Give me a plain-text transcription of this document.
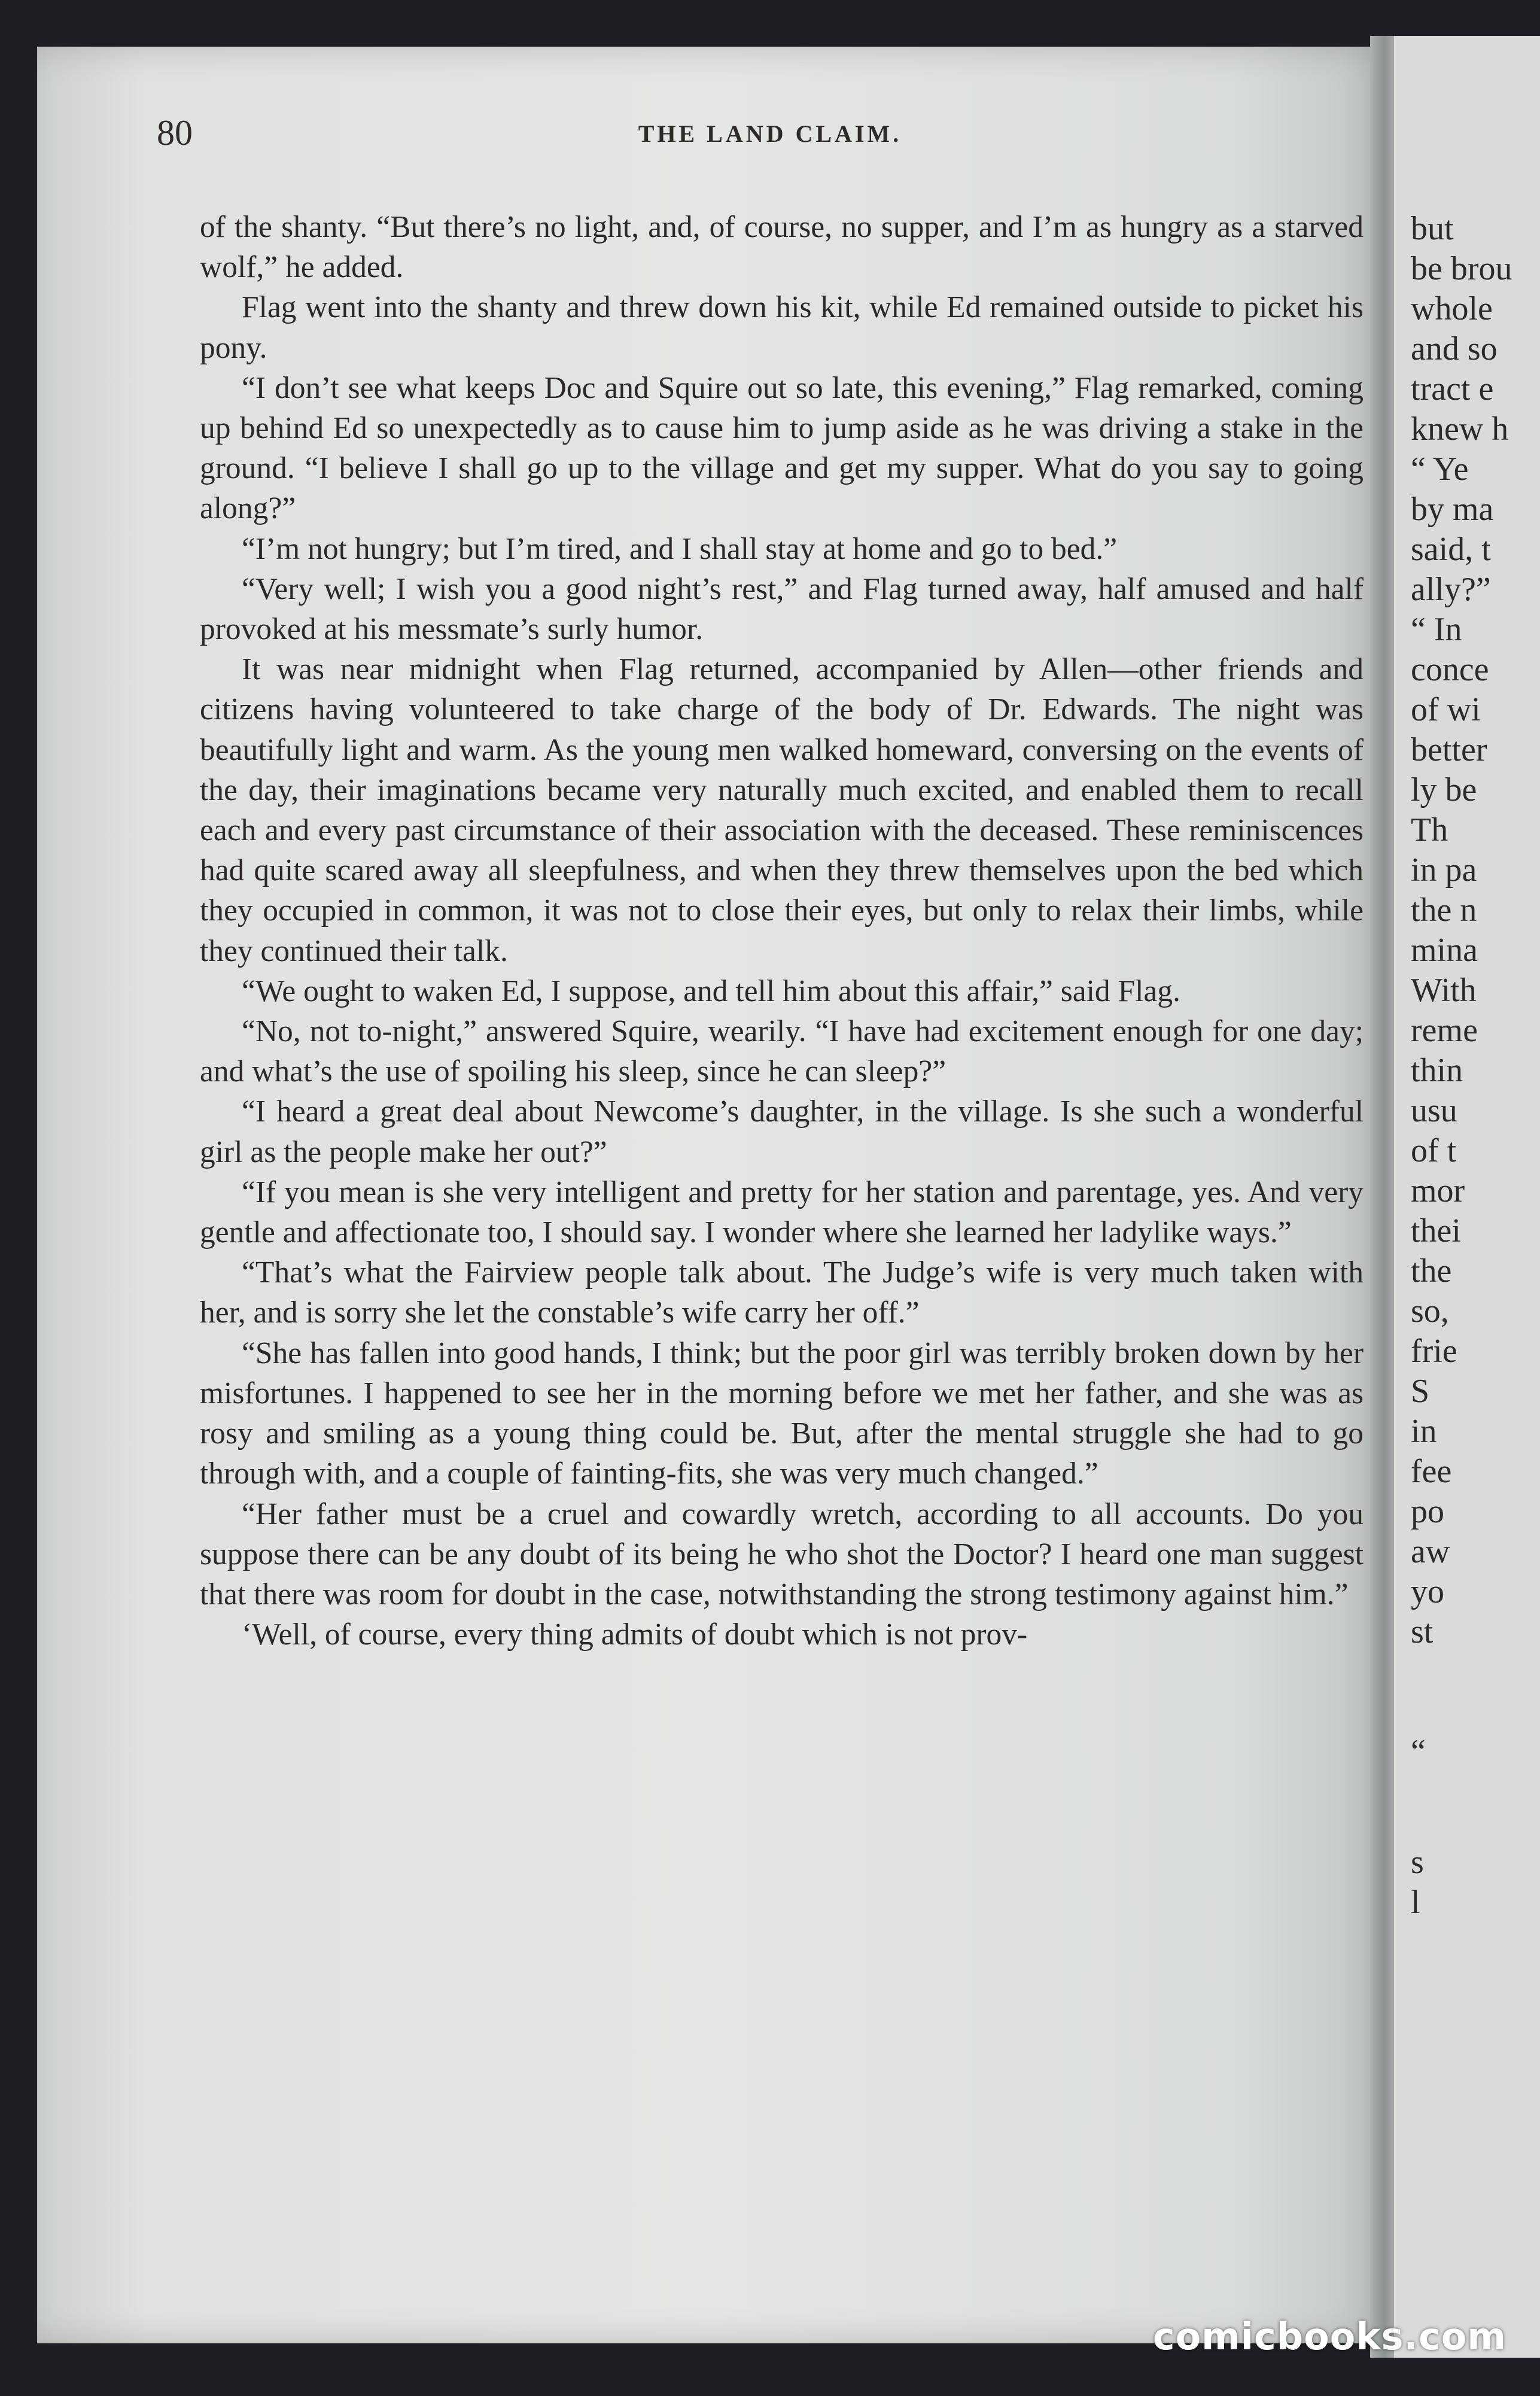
but
be brou
whole
and so
tract e
knew h
“ Ye
by ma
said, t
ally?”
“ In
conce
of wi
better
ly be
Th
in pa
the n
mina
With
reme
thin
usu
of t
mor
thei
the
so,
frie
S
in
fee
po
aw
yo
st
“
s
l
80	THE LAND CLAIM.

of the shanty. “But there’s no light, and, of course, no supper, and I’m as hungry as a starved wolf,” he added.

Flag went into the shanty and threw down his kit, while Ed remained outside to picket his pony.

“I don’t see what keeps Doc and Squire out so late, this evening,” Flag remarked, coming up behind Ed so unexpectedly as to cause him to jump aside as he was driving a stake in the ground. “I believe I shall go up to the village and get my supper. What do you say to going along?”

“I’m not hungry; but I’m tired, and I shall stay at home and go to bed.”

“Very well; I wish you a good night’s rest,” and Flag turned away, half amused and half provoked at his messmate’s surly humor.

It was near midnight when Flag returned, accompanied by Allen—other friends and citizens having volunteered to take charge of the body of Dr. Edwards. The night was beautifully light and warm. As the young men walked homeward, conversing on the events of the day, their imaginations became very naturally much excited, and enabled them to recall each and every past circumstance of their association with the deceased. These reminiscences had quite scared away all sleepfulness, and when they threw themselves upon the bed which they occupied in common, it was not to close their eyes, but only to relax their limbs, while they continued their talk.

“We ought to waken Ed, I suppose, and tell him about this affair,” said Flag.

“No, not to-night,” answered Squire, wearily. “I have had excitement enough for one day; and what’s the use of spoiling his sleep, since he can sleep?”

“I heard a great deal about Newcome’s daughter, in the village. Is she such a wonderful girl as the people make her out?”

“If you mean is she very intelligent and pretty for her station and parentage, yes. And very gentle and affectionate too, I should say. I wonder where she learned her ladylike ways.”

“That’s what the Fairview people talk about. The Judge’s wife is very much taken with her, and is sorry she let the constable’s wife carry her off.”

“She has fallen into good hands, I think; but the poor girl was terribly broken down by her misfortunes. I happened to see her in the morning before we met her father, and she was as rosy and smiling as a young thing could be. But, after the mental struggle she had to go through with, and a couple of fainting-fits, she was very much changed.”

“Her father must be a cruel and cowardly wretch, according to all accounts. Do you suppose there can be any doubt of its being he who shot the Doctor? I heard one man suggest that there was room for doubt in the case, notwithstanding the strong testimony against him.”

‘Well, of course, every thing admits of doubt which is not prov-

comicbooks.com
